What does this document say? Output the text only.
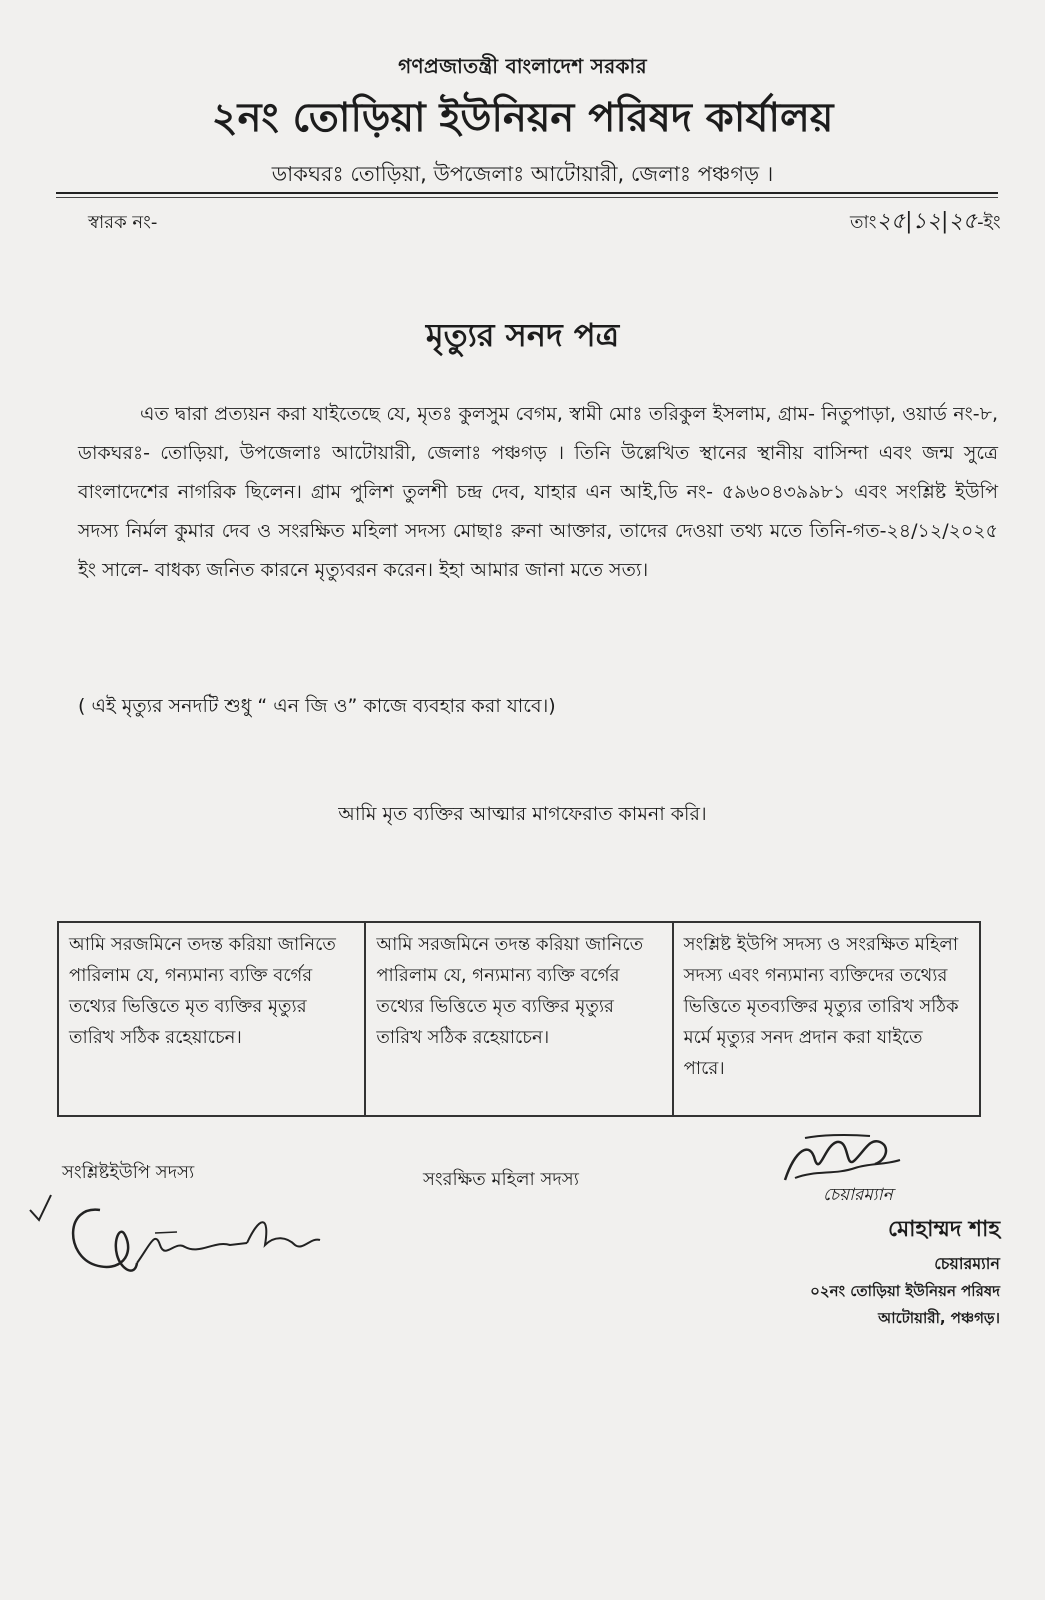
গণপ্রজাতন্ত্রী বাংলাদেশ সরকার
২নং তোড়িয়া ইউনিয়ন পরিষদ কার্যালয়
ডাকঘরঃ তোড়িয়া, উপজেলাঃ আটোয়ারী, জেলাঃ পঞ্চগড় ।
স্বারক নং-	তাং২৫|১২|২৫-ইং
মৃত্যুর সনদ পত্র

এত দ্বারা প্রত্যয়ন করা যাইতেছে যে, মৃতঃ কুলসুম বেগম, স্বামী মোঃ তরিকুল ইসলাম, গ্রাম- নিতুপাড়া, ওয়ার্ড নং-৮, ডাকঘরঃ- তোড়িয়া, উপজেলাঃ আটোয়ারী, জেলাঃ পঞ্চগড় । তিনি উল্লেখিত স্থানের স্থানীয় বাসিন্দা এবং জন্ম সুত্রে বাংলাদেশের নাগরিক ছিলেন। গ্রাম পুলিশ তুলশী চন্দ্র দেব, যাহার এন আই,ডি নং- ৫৯৬০৪৩৯৯৮১ এবং সংশ্লিষ্ট ইউপি সদস্য নির্মল কুমার দেব ও সংরক্ষিত মহিলা সদস্য মোছাঃ রুনা আক্তার, তাদের দেওয়া তথ্য মতে তিনি-গত-২৪/১২/২০২৫ ইং সালে- বাধক্য জনিত কারনে মৃত্যুবরন করেন। ইহা আমার জানা মতে সত্য।

( এই মৃত্যুর সনদটি শুধু “ এন জি ও” কাজে ব্যবহার করা যাবে।)
আমি মৃত ব্যক্তির আত্মার মাগফেরাত কামনা করি।
আমি সরজমিনে তদন্ত করিয়া জানিতে পারিলাম যে, গন্যমান্য ব্যক্তি বর্গের তথ্যের ভিত্তিতে মৃত ব্যক্তির মৃত্যুর তারিখ সঠিক রহেয়াচেন।
আমি সরজমিনে তদন্ত করিয়া জানিতে পারিলাম যে, গন্যমান্য ব্যক্তি বর্গের তথ্যের ভিত্তিতে মৃত ব্যক্তির মৃত্যুর তারিখ সঠিক রহেয়াচেন।
সংশ্লিষ্ট ইউপি সদস্য ও সংরক্ষিত মহিলা সদস্য এবং গন্যমান্য ব্যক্তিদের তথ্যের ভিত্তিতে মৃতব্যক্তির মৃত্যুর তারিখ সঠিক মর্মে মৃত্যুর সনদ প্রদান করা যাইতে পারে।
সংশ্লিষ্টইউপি সদস্য	সংরক্ষিত মহিলা সদস্য
চেয়ারম্যান
মোহাম্মদ শাহ
চেয়ারম্যান
০২নং তোড়িয়া ইউনিয়ন পরিষদ
আটোয়ারী, পঞ্চগড়।
